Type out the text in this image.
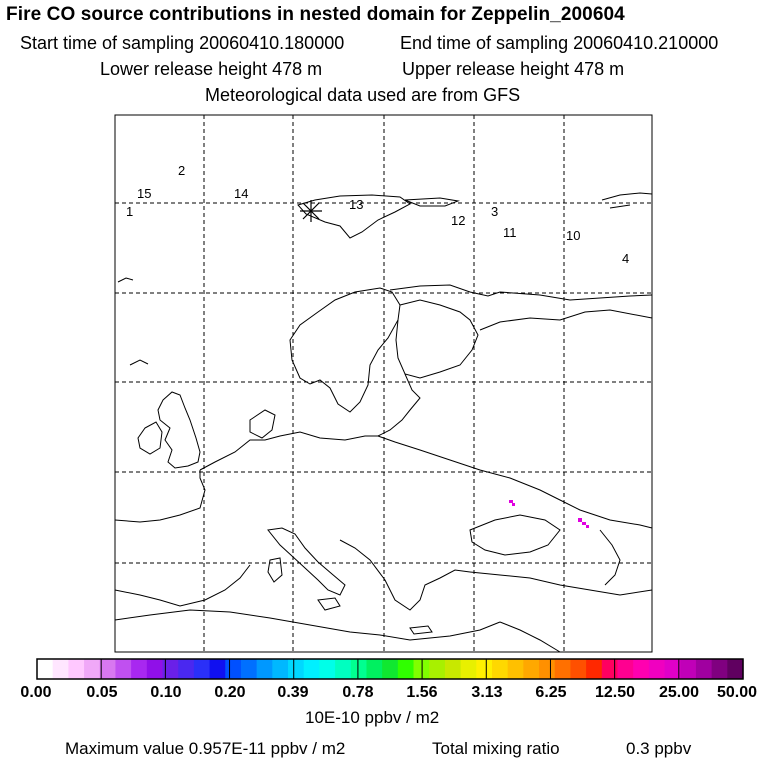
Fire CO source contributions in nested domain for Zeppelin_200604
Start time of sampling 20060410.180000	End time of sampling 20060410.210000
Lower release height 478 m	Upper release height 478 m
Meteorological data used are from GFS
15
2
1
14
13
12
3
11	10
4
0.00 0.05 0.10 0.20 0.39 0.78 1.56 3.13 6.25 12.50 25.00 50.00
10E-10 ppbv / m2
Maximum value 0.957E-11 ppbv / m2	Total mixing ratio	0.3 ppbv
